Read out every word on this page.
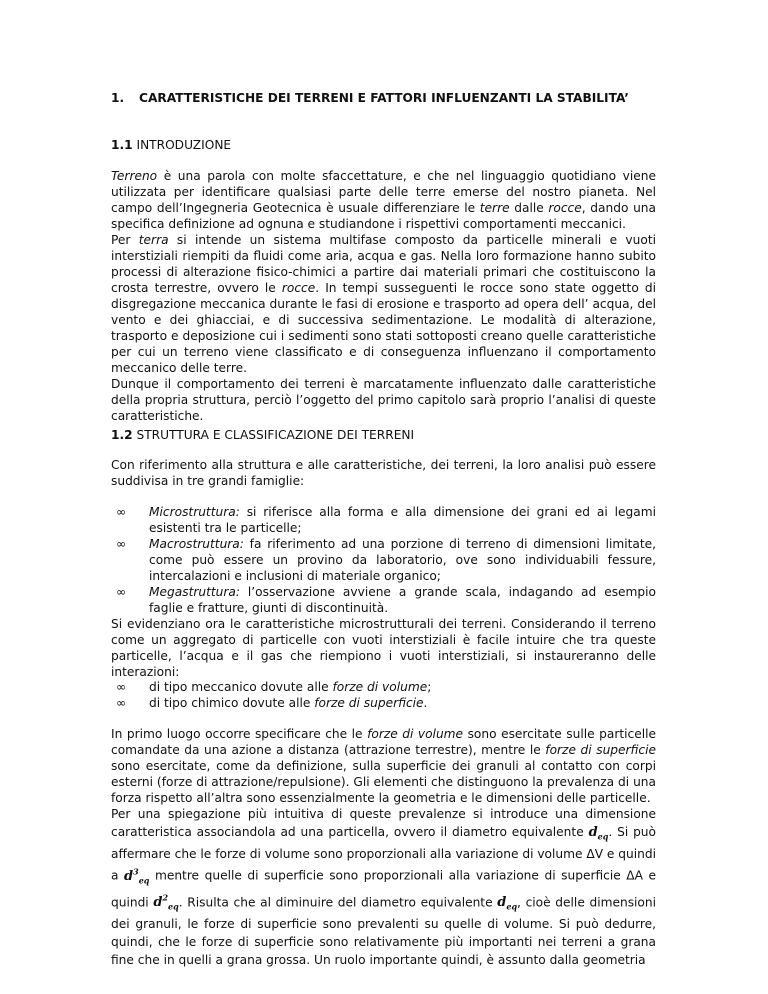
1. CARATTERISTICHE DEI TERRENI E FATTORI INFLUENZANTI LA STABILITA’
1.1 INTRODUZIONE

Terreno è una parola con molte sfaccettature, e che nel linguaggio quotidiano viene utilizzata per identificare qualsiasi parte delle terre emerse del nostro pianeta. Nel campo dell’Ingegneria Geotecnica è usuale differenziare le terre dalle rocce, dando una specifica definizione ad ognuna e studiandone i rispettivi comportamenti meccanici.

Per terra si intende un sistema multifase composto da particelle minerali e vuoti interstiziali riempiti da fluidi come aria, acqua e gas. Nella loro formazione hanno subito processi di alterazione fisico-chimici a partire dai materiali primari che costituiscono la crosta terrestre, ovvero le rocce. In tempi susseguenti le rocce sono state oggetto di disgregazione meccanica durante le fasi di erosione e trasporto ad opera dell’ acqua, del vento e dei ghiacciai, e di successiva sedimentazione. Le modalità di alterazione, trasporto e deposizione cui i sedimenti sono stati sottoposti creano quelle caratteristiche per cui un terreno viene classificato e di conseguenza influenzano il comportamento meccanico delle terre.

Dunque il comportamento dei terreni è marcatamente influenzato dalle caratteristiche della propria struttura, perciò l’oggetto del primo capitolo sarà proprio l’analisi di queste caratteristiche.

1.2 STRUTTURA E CLASSIFICAZIONE DEI TERRENI

Con riferimento alla struttura e alle caratteristiche, dei terreni, la loro analisi può essere suddivisa in tre grandi famiglie:

∞ Microstruttura: si riferisce alla forma e alla dimensione dei grani ed ai legami esistenti tra le particelle;
∞ Macrostruttura: fa riferimento ad una porzione di terreno di dimensioni limitate, come può essere un provino da laboratorio, ove sono individuabili fessure, intercalazioni e inclusioni di materiale organico;
∞ Megastruttura: l’osservazione avviene a grande scala, indagando ad esempio faglie e fratture, giunti di discontinuità.

Si evidenziano ora le caratteristiche microstrutturali dei terreni. Considerando il terreno come un aggregato di particelle con vuoti interstiziali è facile intuire che tra queste particelle, l’acqua e il gas che riempiono i vuoti interstiziali, si instaureranno delle interazioni:

∞ di tipo meccanico dovute alle forze di volume;
∞ di tipo chimico dovute alle forze di superficie.

In primo luogo occorre specificare che le forze di volume sono esercitate sulle particelle comandate da una azione a distanza (attrazione terrestre), mentre le forze di superficie sono esercitate, come da definizione, sulla superficie dei granuli al contatto con corpi esterni (forze di attrazione/repulsione). Gli elementi che distinguono la prevalenza di una forza rispetto all’altra sono essenzialmente la geometria e le dimensioni delle particelle.

Per una spiegazione più intuitiva di queste prevalenze si introduce una dimensione caratteristica associandola ad una particella, ovvero il diametro equivalente $d_{eq}$. Si può affermare che le forze di volume sono proporzionali alla variazione di volume ΔV e quindi a $d^3_{eq}$ mentre quelle di superficie sono proporzionali alla variazione di superficie ΔA e quindi $d^2_{eq}$. Risulta che al diminuire del diametro equivalente $d_{eq}$, cioè delle dimensioni dei granuli, le forze di superficie sono prevalenti su quelle di volume. Si può dedurre, quindi, che le forze di superficie sono relativamente più importanti nei terreni a grana fine che in quelli a grana grossa. Un ruolo importante quindi, è assunto dalla geometria
